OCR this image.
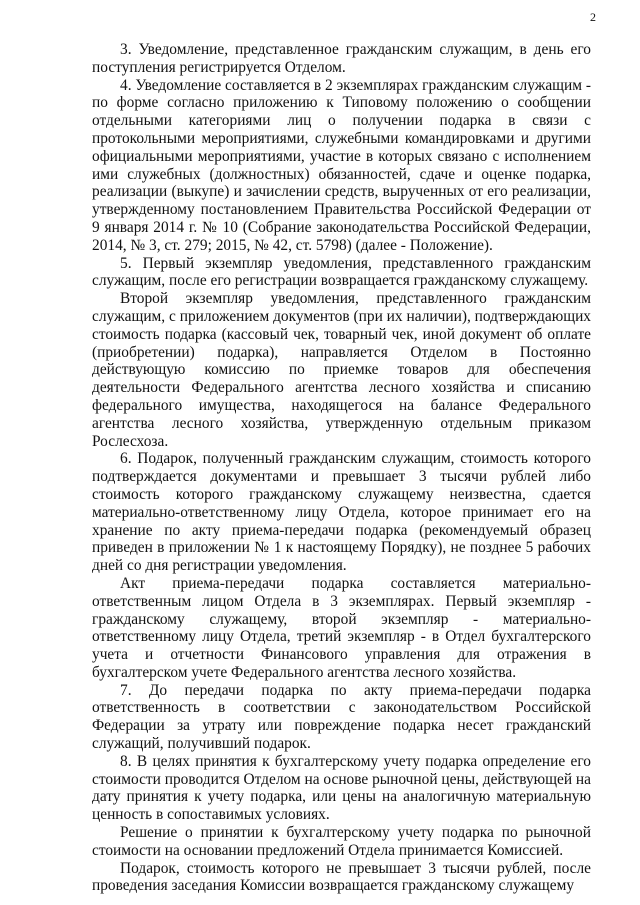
2

3. Уведомление, представленное гражданским служащим, в день его поступления регистрируется Отделом.

4. Уведомление составляется в 2 экземплярах гражданским служащим - по форме согласно приложению к Типовому положению о сообщении отдельными категориями лиц о получении подарка в связи с протокольными мероприятиями, служебными командировками и другими официальными мероприятиями, участие в которых связано с исполнением ими служебных (должностных) обязанностей, сдаче и оценке подарка, реализации (выкупе) и зачислении средств, вырученных от его реализации, утвержденному постановлением Правительства Российской Федерации от 9 января 2014 г. № 10 (Собрание законодательства Российской Федерации, 2014, № 3, ст. 279; 2015, № 42, ст. 5798) (далее - Положение).

5. Первый экземпляр уведомления, представленного гражданским служащим, после его регистрации возвращается гражданскому служащему.

Второй экземпляр уведомления, представленного гражданским служащим, с приложением документов (при их наличии), подтверждающих стоимость подарка (кассовый чек, товарный чек, иной документ об оплате (приобретении) подарка), направляется Отделом в Постоянно действующую комиссию по приемке товаров для обеспечения деятельности Федерального агентства лесного хозяйства и списанию федерального имущества, находящегося на балансе Федерального агентства лесного хозяйства, утвержденную отдельным приказом Рослесхоза.

6. Подарок, полученный гражданским служащим, стоимость которого подтверждается документами и превышает 3 тысячи рублей либо стоимость которого гражданскому служащему неизвестна, сдается материально-ответственному лицу Отдела, которое принимает его на хранение по акту приема-передачи подарка (рекомендуемый образец приведен в приложении № 1 к настоящему Порядку), не позднее 5 рабочих дней со дня регистрации уведомления.

Акт приема-передачи подарка составляется материально-ответственным лицом Отдела в 3 экземплярах. Первый экземпляр - гражданскому служащему, второй экземпляр - материально-ответственному лицу Отдела, третий экземпляр - в Отдел бухгалтерского учета и отчетности Финансового управления для отражения в бухгалтерском учете Федерального агентства лесного хозяйства.

7. До передачи подарка по акту приема-передачи подарка ответственность в соответствии с законодательством Российской Федерации за утрату или повреждение подарка несет гражданский служащий, получивший подарок.

8. В целях принятия к бухгалтерскому учету подарка определение его стоимости проводится Отделом на основе рыночной цены, действующей на дату принятия к учету подарка, или цены на аналогичную материальную ценность в сопоставимых условиях.

Решение о принятии к бухгалтерскому учету подарка по рыночной стоимости на основании предложений Отдела принимается Комиссией.

Подарок, стоимость которого не превышает 3 тысячи рублей, после проведения заседания Комиссии возвращается гражданскому служащему
